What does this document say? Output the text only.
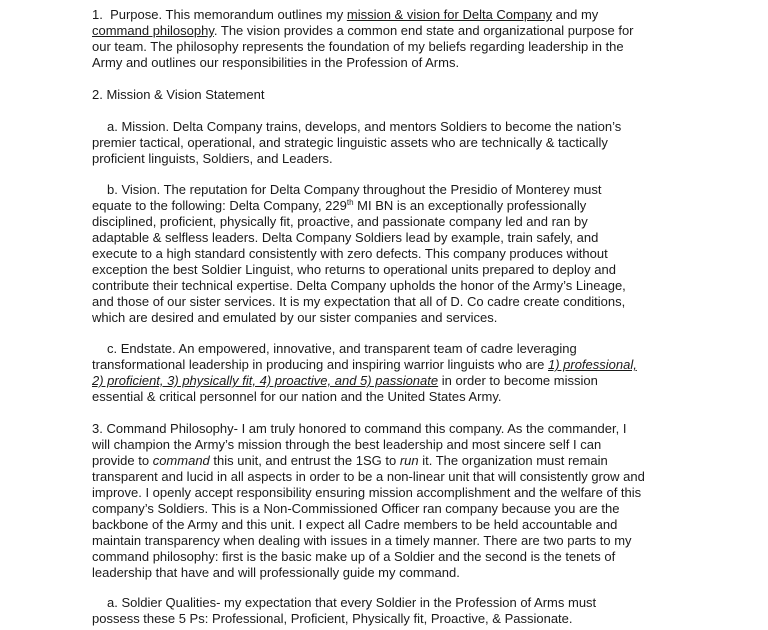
1. Purpose. This memorandum outlines my mission & vision for Delta Company and my
command philosophy. The vision provides a common end state and organizational purpose for
our team. The philosophy represents the foundation of my beliefs regarding leadership in the
Army and outlines our responsibilities in the Profession of Arms.
2. Mission & Vision Statement
a. Mission. Delta Company trains, develops, and mentors Soldiers to become the nation’s
premier tactical, operational, and strategic linguistic assets who are technically & tactically
proficient linguists, Soldiers, and Leaders.
b. Vision. The reputation for Delta Company throughout the Presidio of Monterey must
equate to the following: Delta Company, 229th MI BN is an exceptionally professionally
disciplined, proficient, physically fit, proactive, and passionate company led and ran by
adaptable & selfless leaders. Delta Company Soldiers lead by example, train safely, and
execute to a high standard consistently with zero defects. This company produces without
exception the best Soldier Linguist, who returns to operational units prepared to deploy and
contribute their technical expertise. Delta Company upholds the honor of the Army’s Lineage,
and those of our sister services. It is my expectation that all of D. Co cadre create conditions,
which are desired and emulated by our sister companies and services.
c. Endstate. An empowered, innovative, and transparent team of cadre leveraging
transformational leadership in producing and inspiring warrior linguists who are 1) professional,
2) proficient, 3) physically fit, 4) proactive, and 5) passionate in order to become mission
essential & critical personnel for our nation and the United States Army.
3. Command Philosophy- I am truly honored to command this company. As the commander, I
will champion the Army’s mission through the best leadership and most sincere self I can
provide to command this unit, and entrust the 1SG to run it. The organization must remain
transparent and lucid in all aspects in order to be a non-linear unit that will consistently grow and
improve. I openly accept responsibility ensuring mission accomplishment and the welfare of this
company’s Soldiers. This is a Non-Commissioned Officer ran company because you are the
backbone of the Army and this unit. I expect all Cadre members to be held accountable and
maintain transparency when dealing with issues in a timely manner. There are two parts to my
command philosophy: first is the basic make up of a Soldier and the second is the tenets of
leadership that have and will professionally guide my command.
a. Soldier Qualities- my expectation that every Soldier in the Profession of Arms must
possess these 5 Ps: Professional, Proficient, Physically fit, Proactive, & Passionate.
